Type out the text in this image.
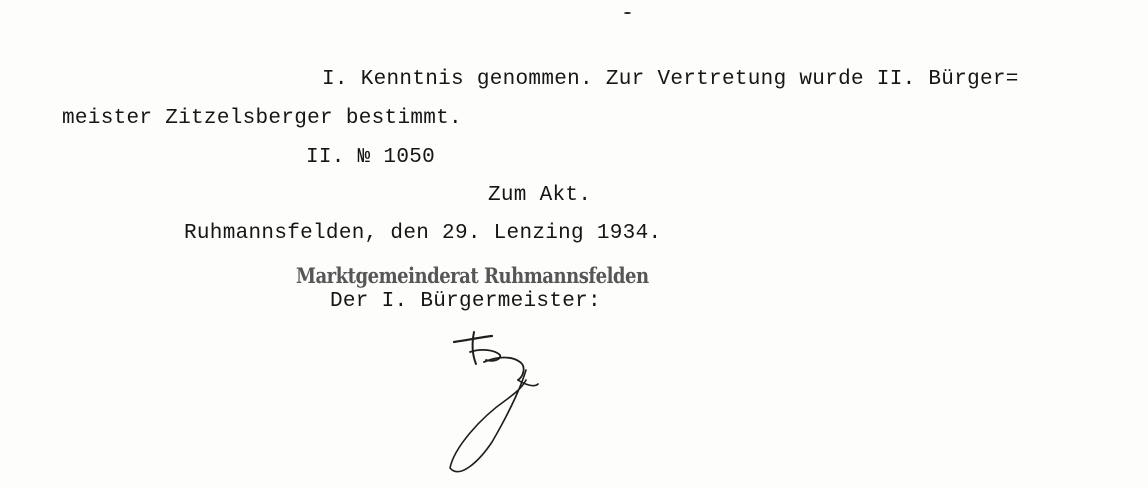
I. Kenntnis genommen. Zur Vertretung wurde II. Bürger=

meister Zitzelsberger bestimmt.

II. № 1050

Zum Akt.

Ruhmannsfelden, den 29. Lenzing 1934.

Marktgemeinderat Ruhmannsfelden

Der I. Bürgermeister:
